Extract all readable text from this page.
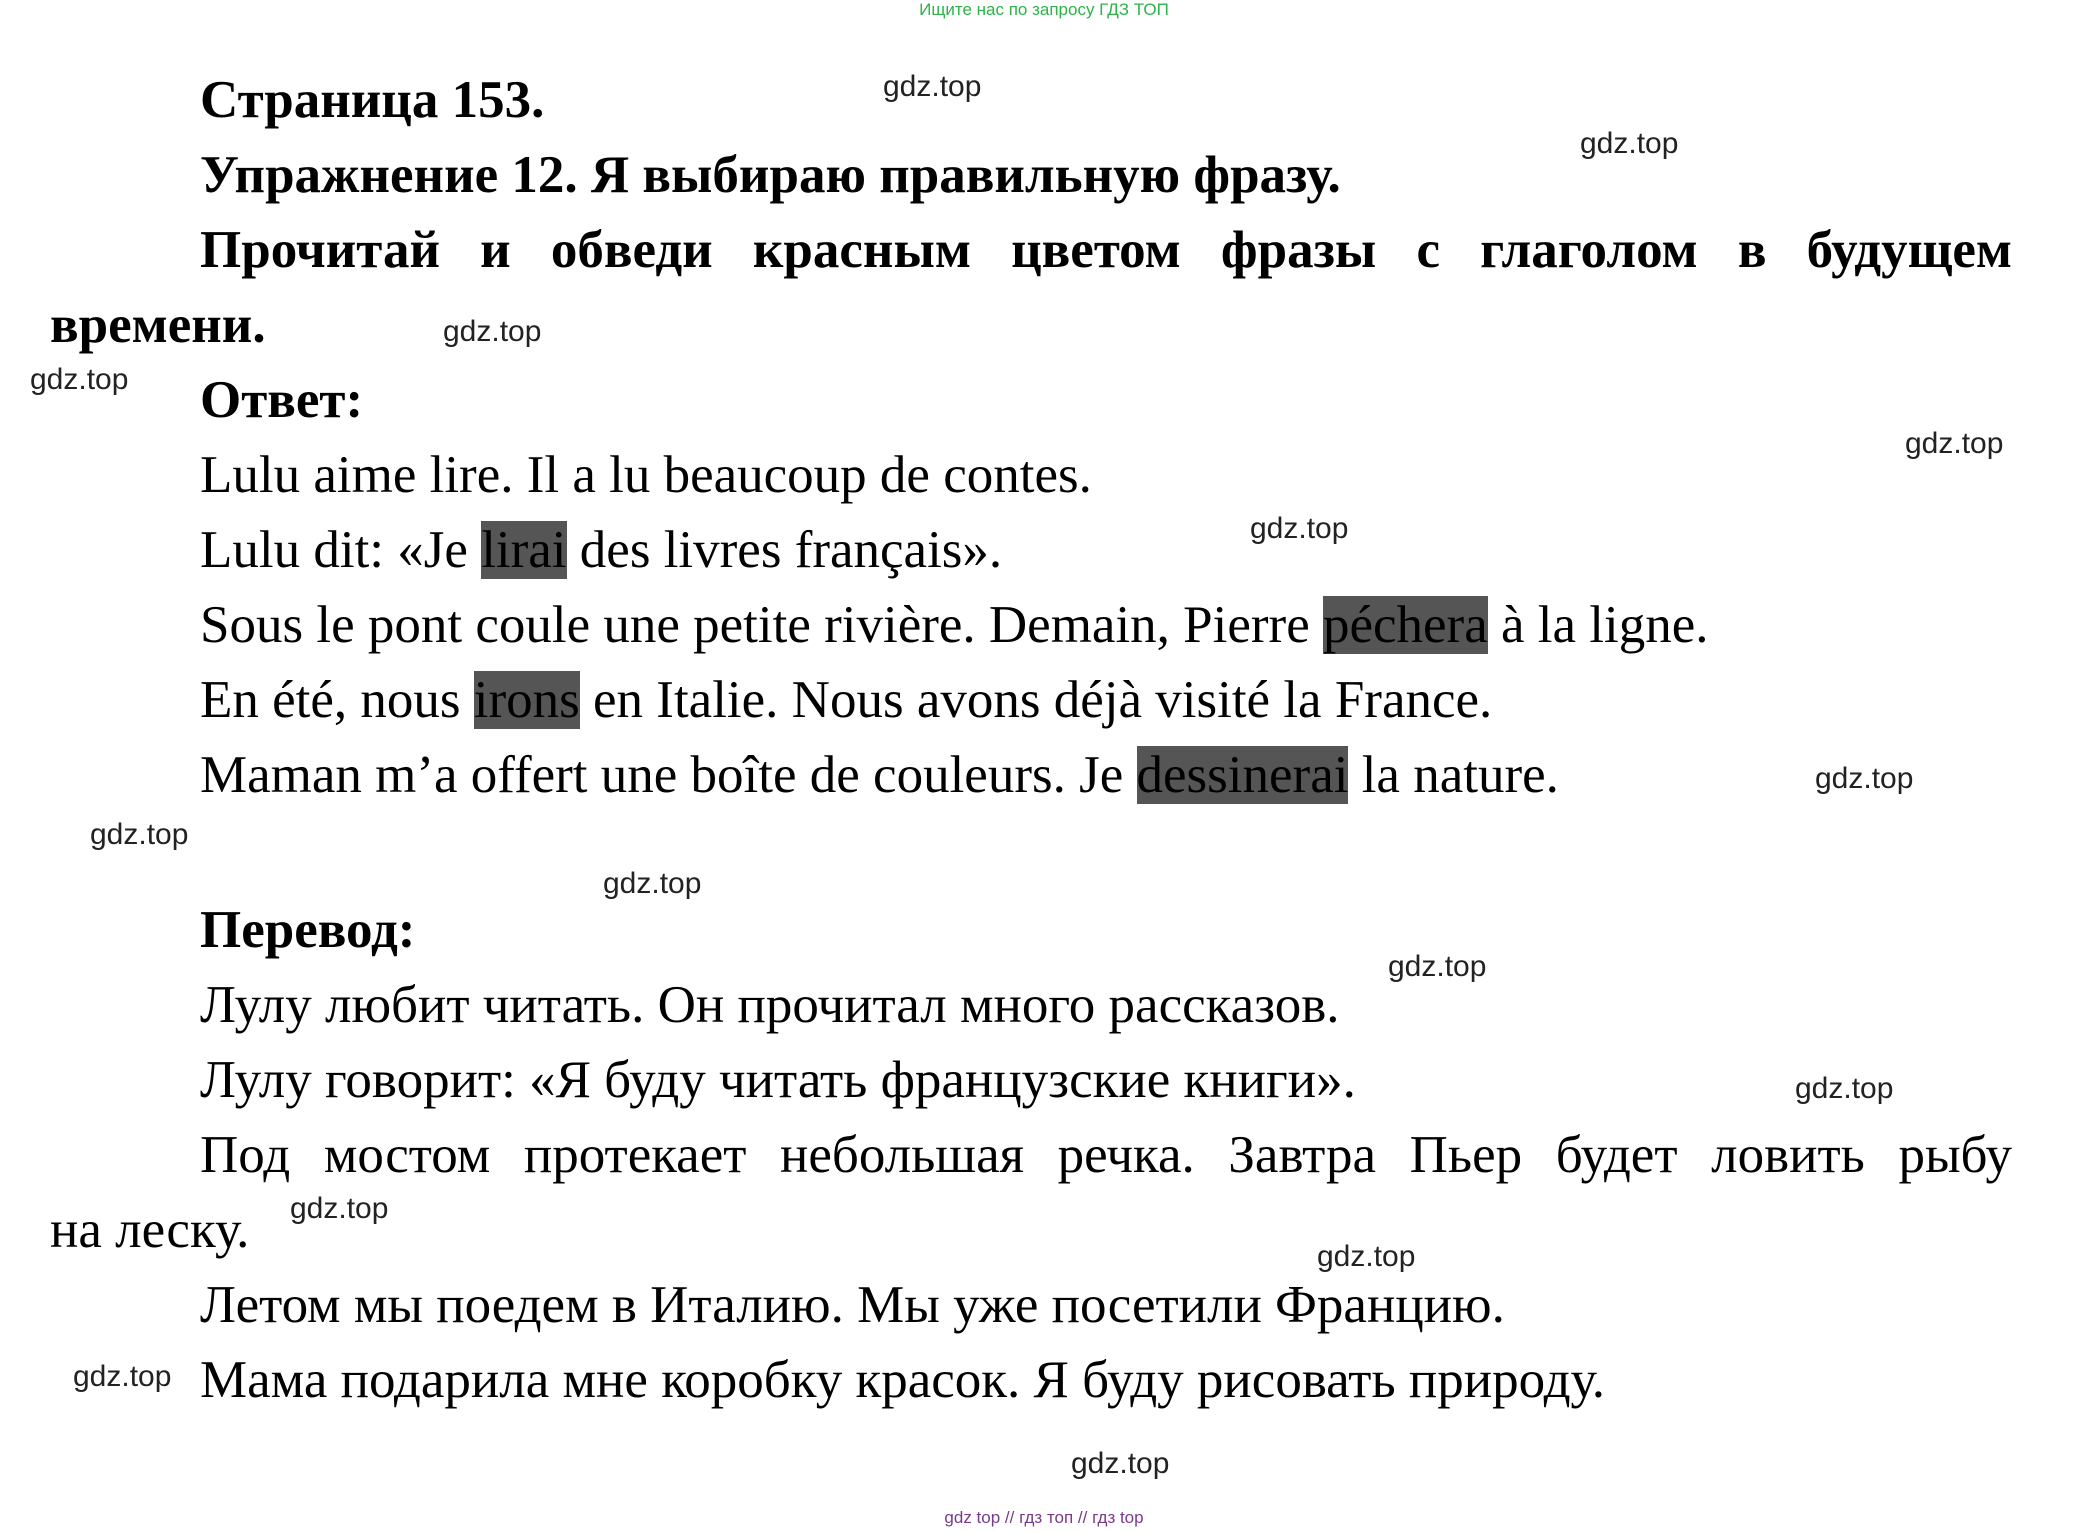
Ищите нас по запросу ГДЗ ТОП
Страница 153.
Упражнение 12. Я выбираю правильную фразу.
Прочитай и обведи красным цветом фразы с глаголом в будущем
времени.
Ответ:
Lulu aime lire. Il a lu beaucoup de contes.
Lulu dit: «Je lirai des livres français».
Sous le pont coule une petite rivière. Demain, Pierre péchera à la ligne.
En été, nous irons en Italie. Nous avons déjà visité la France.
Maman m’a offert une boîte de couleurs. Je dessinerai la nature.
Перевод:
Лулу любит читать. Он прочитал много рассказов.
Лулу говорит: «Я буду читать французские книги».
Под мостом протекает небольшая речка. Завтра Пьер будет ловить рыбу
на леску.
Летом мы поедем в Италию. Мы уже посетили Францию.
Мама подарила мне коробку красок. Я буду рисовать природу.
gdz.top
gdz.top
gdz.top
gdz.top
gdz.top
gdz.top
gdz.top
gdz.top
gdz.top
gdz.top
gdz.top
gdz.top
gdz.top
gdz.top
gdz.top
gdz top // гдз топ // гдз top
